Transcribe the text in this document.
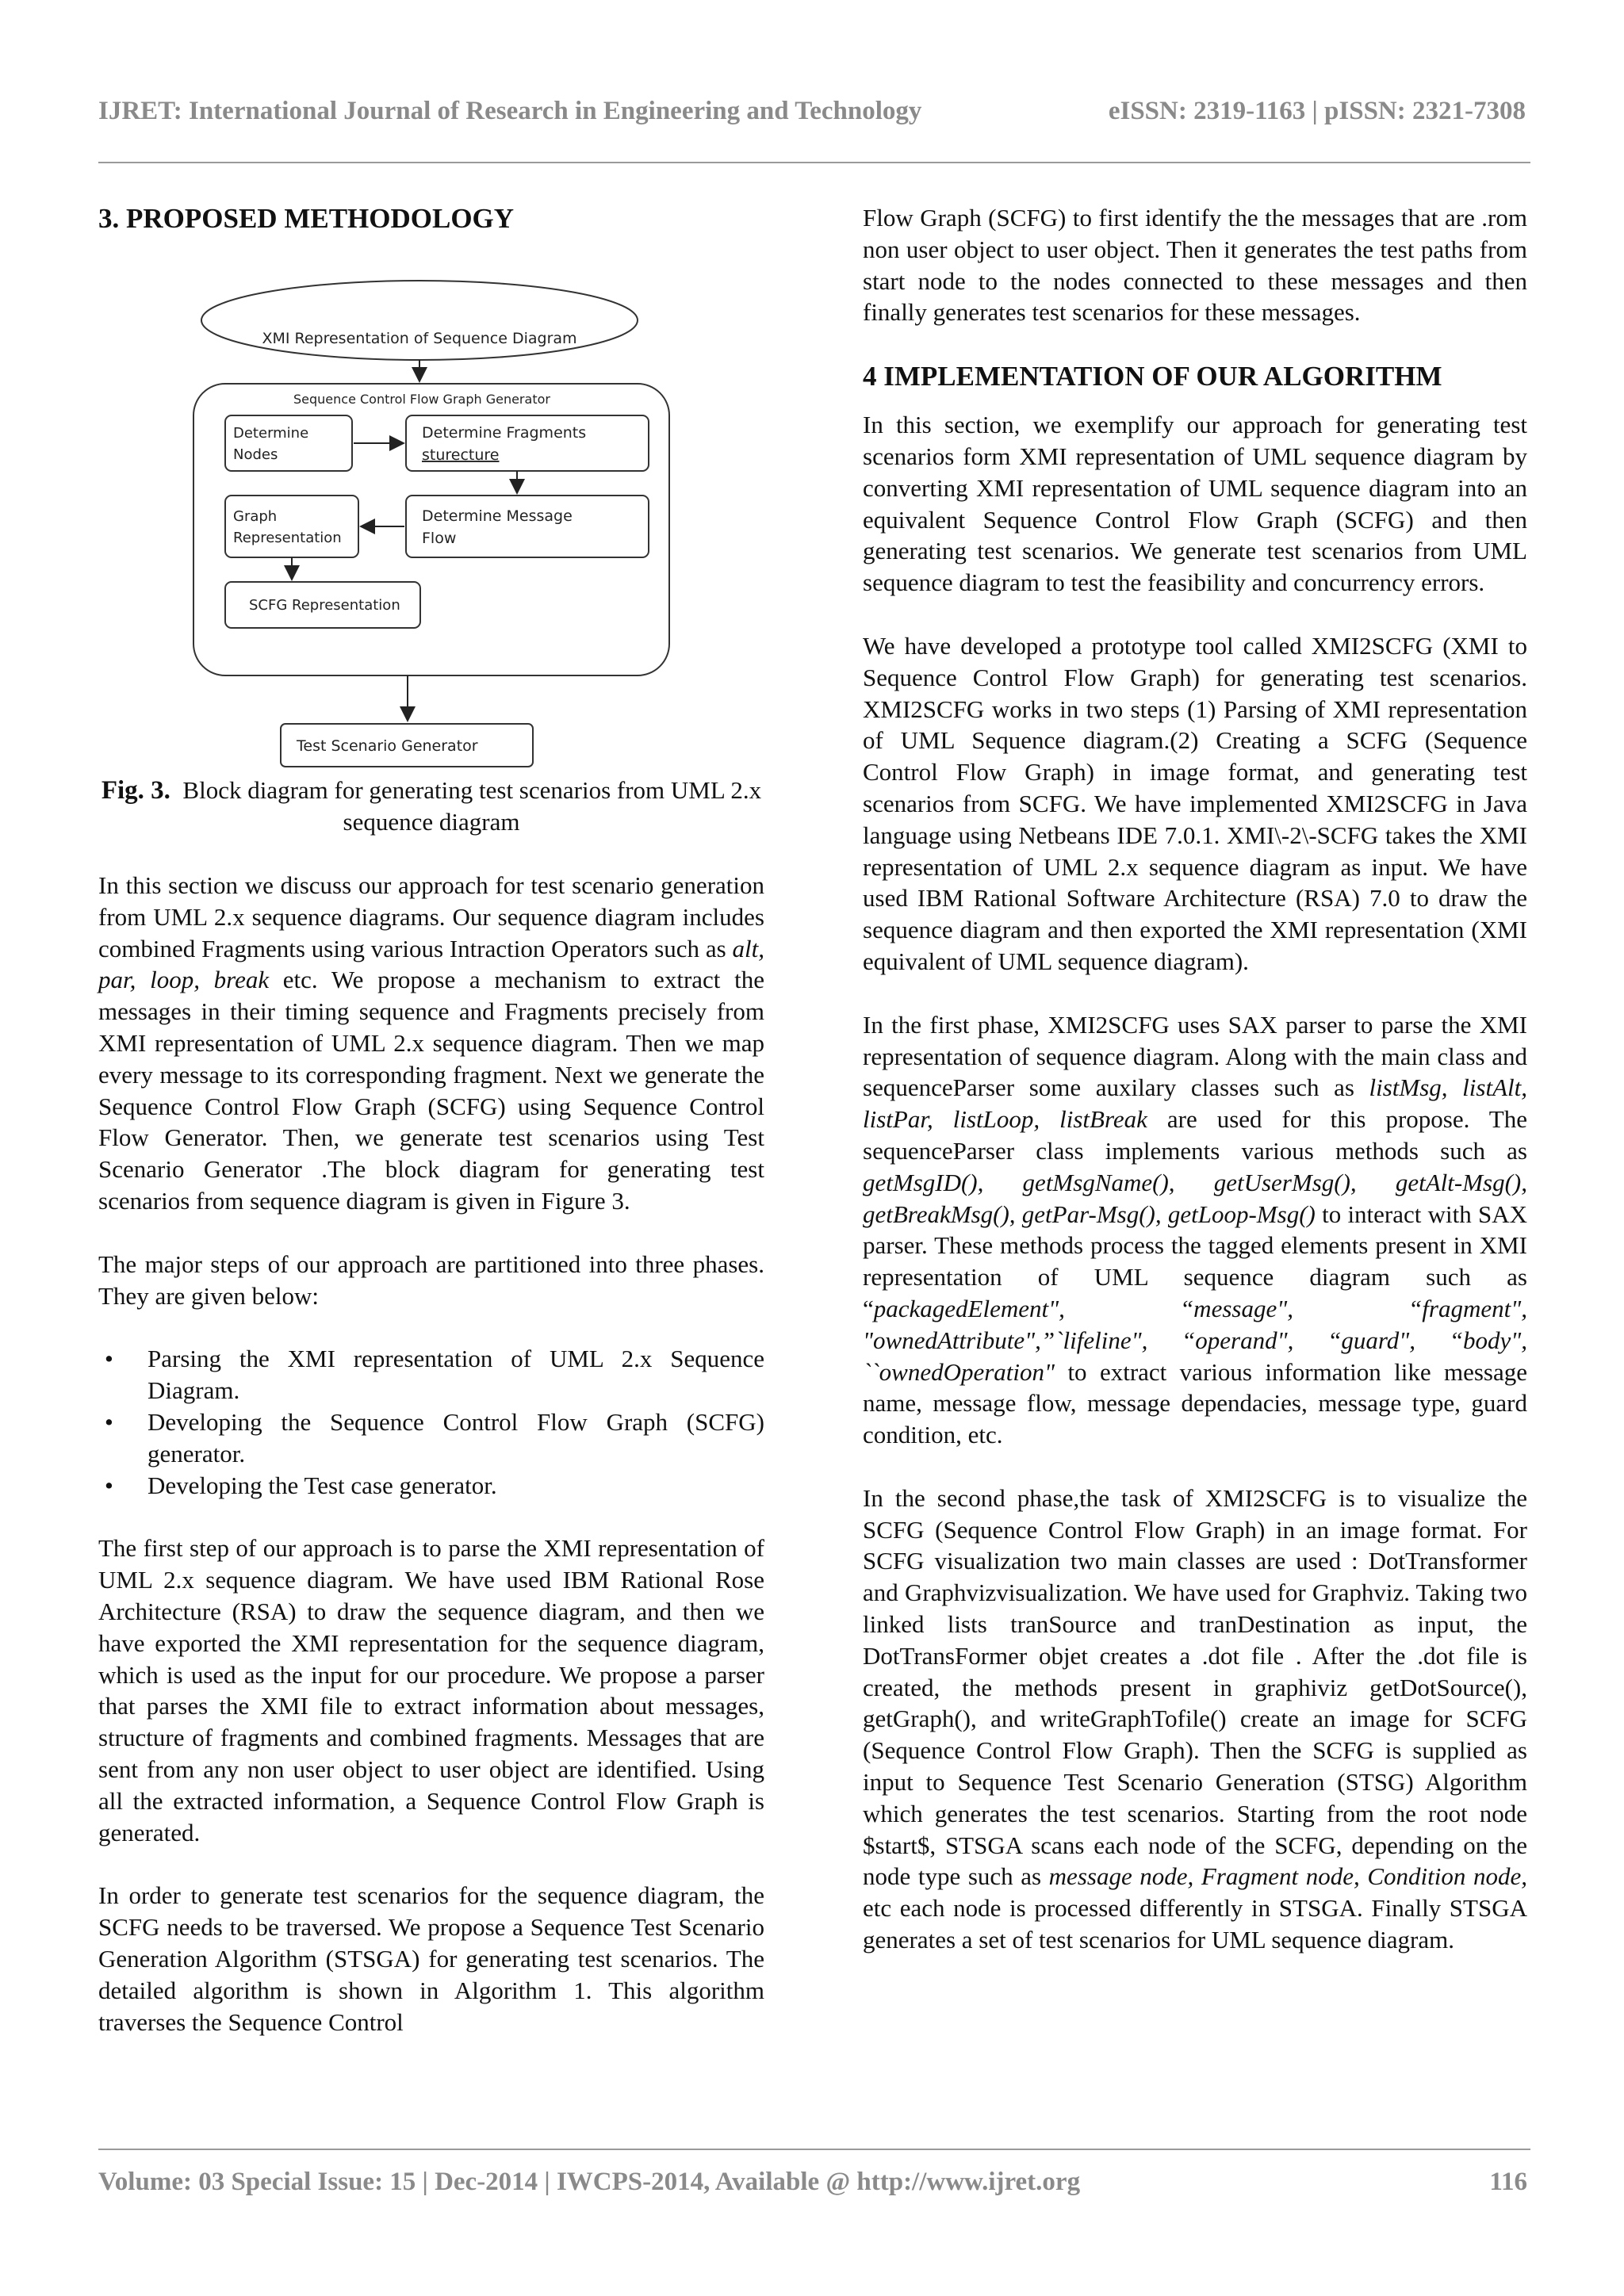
IJRET: International Journal of Research in Engineering and Technology	eISSN: 2319-1163 | pISSN: 2321-7308
3. PROPOSED METHODOLOGY
XMI Representation of Sequence Diagram
Sequence Control Flow Graph Generator
Determine
Nodes
Determine Fragments
sturecture
Determine Message
Flow
Graph
Representation
SCFG Representation
Test Scenario Generator
Fig. 3. Block diagram for generating test scenarios from UML 2.x sequence diagram

In this section we discuss our approach for test scenario generation from UML 2.x sequence diagrams. Our sequence diagram includes combined Fragments using various Intraction Operators such as alt, par, loop, break etc. We propose a mechanism to extract the messages in their timing sequence and Fragments precisely from XMI representation of UML 2.x sequence diagram. Then we map every message to its corresponding fragment. Next we generate the Sequence Control Flow Graph (SCFG) using Sequence Control Flow Generator. Then, we generate test scenarios using Test Scenario Generator .The block diagram for generating test scenarios from sequence diagram is given in Figure 3.

The major steps of our approach are partitioned into three phases. They are given below:

• Parsing the XMI representation of UML 2.x Sequence Diagram.
• Developing the Sequence Control Flow Graph (SCFG) generator.
• Developing the Test case generator.

The first step of our approach is to parse the XMI representation of UML 2.x sequence diagram. We have used IBM Rational Rose Architecture (RSA) to draw the sequence diagram, and then we have exported the XMI representation for the sequence diagram, which is used as the input for our procedure. We propose a parser that parses the XMI file to extract information about messages, structure of fragments and combined fragments. Messages that are sent from any non user object to user object are identified. Using all the extracted information, a Sequence Control Flow Graph is generated.

In order to generate test scenarios for the sequence diagram, the SCFG needs to be traversed. We propose a Sequence Test Scenario Generation Algorithm (STSGA) for generating test scenarios. The detailed algorithm is shown in Algorithm 1. This algorithm traverses the Sequence Control

Flow Graph (SCFG) to first identify the the messages that are .rom non user object to user object. Then it generates the test paths from start node to the nodes connected to these messages and then finally generates test scenarios for these messages.

4 IMPLEMENTATION OF OUR ALGORITHM

In this section, we exemplify our approach for generating test scenarios form XMI representation of UML sequence diagram by converting XMI representation of UML sequence diagram into an equivalent Sequence Control Flow Graph (SCFG) and then generating test scenarios. We generate test scenarios from UML sequence diagram to test the feasibility and concurrency errors.

We have developed a prototype tool called XMI2SCFG (XMI to Sequence Control Flow Graph) for generating test scenarios. XMI2SCFG works in two steps (1) Parsing of XMI representation of UML Sequence diagram.(2) Creating a SCFG (Sequence Control Flow Graph) in image format, and generating test scenarios from SCFG. We have implemented XMI2SCFG in Java language using Netbeans IDE 7.0.1. XMI\-2\-SCFG takes the XMI representation of UML 2.x sequence diagram as input. We have used IBM Rational Software Architecture (RSA) 7.0 to draw the sequence diagram and then exported the XMI representation (XMI equivalent of UML sequence diagram).

In the first phase, XMI2SCFG uses SAX parser to parse the XMI representation of sequence diagram. Along with the main class and sequenceParser some auxilary classes such as listMsg, listAlt, listPar, listLoop, listBreak are used for this propose. The sequenceParser class implements various methods such as getMsgID(), getMsgName(), getUserMsg(), getAlt-Msg(), getBreakMsg(), getPar-Msg(), getLoop-Msg() to interact with SAX parser. These methods process the tagged elements present in XMI representation of UML sequence diagram such as “packagedElement", “message", “fragment", "ownedAttribute",”`lifeline", “operand", “guard", “body", ``ownedOperation" to extract various information like message name, message flow, message dependacies, message type, guard condition, etc.

In the second phase,the task of XMI2SCFG is to visualize the SCFG (Sequence Control Flow Graph) in an image format. For SCFG visualization two main classes are used : DotTransformer and Graphvizvisualization. We have used for Graphviz. Taking two linked lists tranSource and tranDestination as input, the DotTransFormer objet creates a .dot file . After the .dot file is created, the methods present in graphiviz getDotSource(), getGraph(), and writeGraphTofile() create an image for SCFG (Sequence Control Flow Graph). Then the SCFG is supplied as input to Sequence Test Scenario Generation (STSG) Algorithm which generates the test scenarios. Starting from the root node $start$, STSGA scans each node of the SCFG, depending on the node type such as message node, Fragment node, Condition node, etc each node is processed differently in STSGA. Finally STSGA generates a set of test scenarios for UML sequence diagram.

Volume: 03 Special Issue: 15 | Dec-2014 | IWCPS-2014, Available @ http://www.ijret.org	116
